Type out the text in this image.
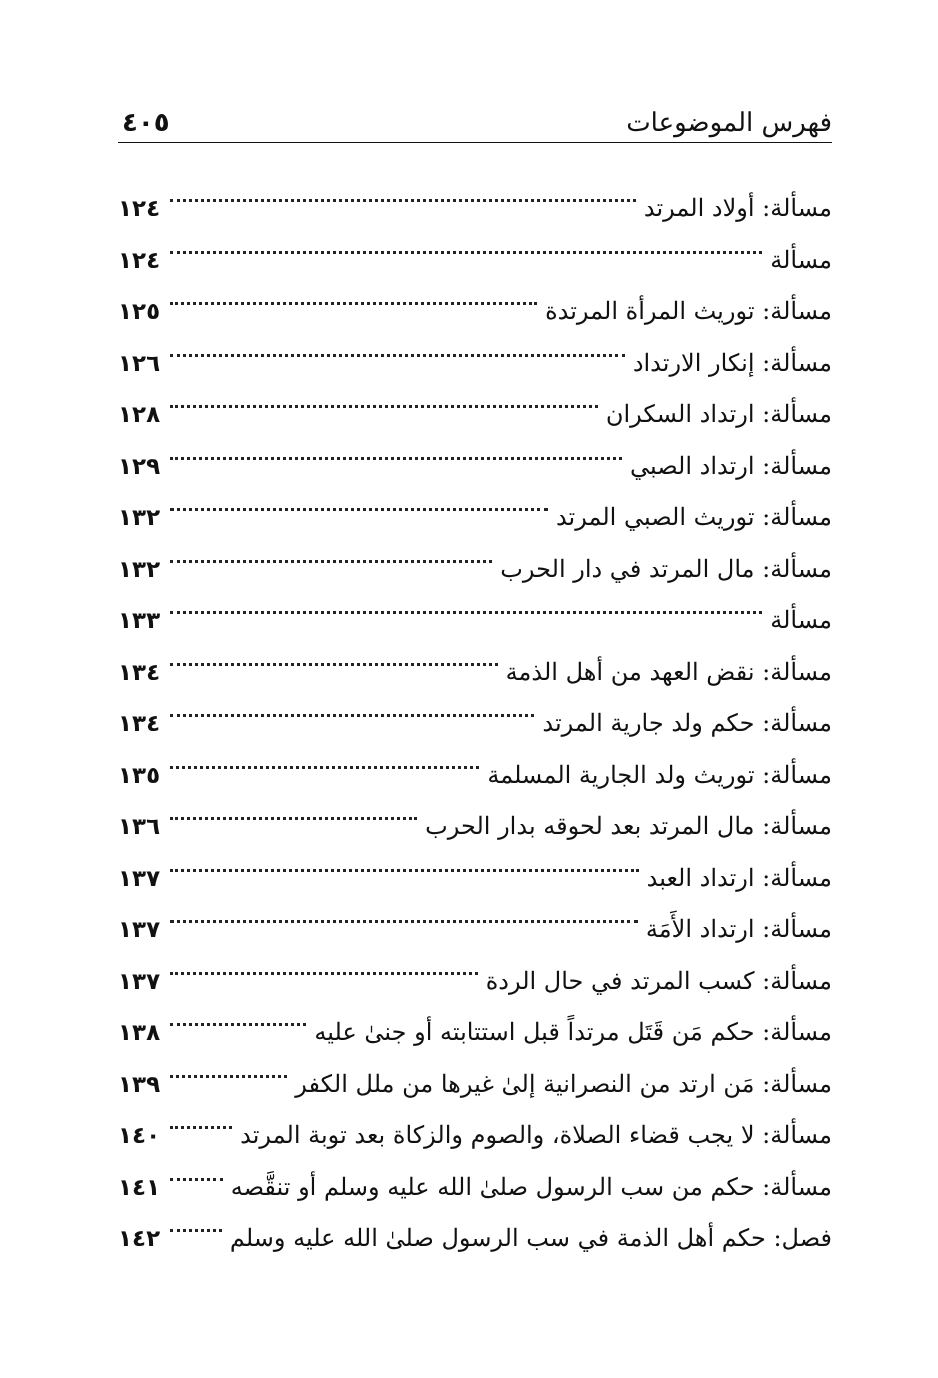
فهرس الموضوعات
٤٠٥
مسألة: أولاد المرتد
١٢٤
مسألة
١٢٤
مسألة: توريث المرأة المرتدة
١٢٥
مسألة: إنكار الارتداد
١٢٦
مسألة: ارتداد السكران
١٢٨
مسألة: ارتداد الصبي
١٢٩
مسألة: توريث الصبي المرتد
١٣٢
مسألة: مال المرتد في دار الحرب
١٣٢
مسألة
١٣٣
مسألة: نقض العهد من أهل الذمة
١٣٤
مسألة: حكم ولد جارية المرتد
١٣٤
مسألة: توريث ولد الجارية المسلمة
١٣٥
مسألة: مال المرتد بعد لحوقه بدار الحرب
١٣٦
مسألة: ارتداد العبد
١٣٧
مسألة: ارتداد الأَمَة
١٣٧
مسألة: كسب المرتد في حال الردة
١٣٧
مسألة: حكم مَن قَتَل مرتداً قبل استتابته أو جنىٰ عليه
١٣٨
مسألة: مَن ارتد من النصرانية إلىٰ غيرها من ملل الكفر
١٣٩
مسألة: لا يجب قضاء الصلاة، والصوم والزكاة بعد توبة المرتد
١٤٠
مسألة: حكم من سب الرسول صلىٰ الله عليه وسلم أو تنقَّصه
١٤١
فصل: حكم أهل الذمة في سب الرسول صلىٰ الله عليه وسلم
١٤٢
